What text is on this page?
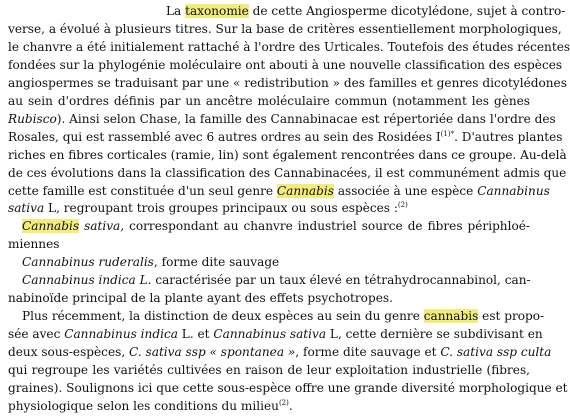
La taxonomie de cette Angiosperme dicotylédone, sujet à contro-
verse, a évolué à plusieurs titres. Sur la base de critères essentiellement morphologiques,
le chanvre a été initialement rattaché à l'ordre des Urticales. Toutefois des études récentes
fondées sur la phylogénie moléculaire ont abouti à une nouvelle classification des espèces
angiospermes se traduisant par une « redistribution » des familles et genres dicotylédones
au sein d'ordres définis par un ancêtre moléculaire commun (notamment les gènes
Rubisco). Ainsi selon Chase, la famille des Cannabinacae est répertoriée dans l'ordre des
Rosales, qui est rassemblé avec 6 autres ordres au sein des Rosidées $I^{(1)*}$. D'autres plantes
riches en fibres corticales (ramie, lin) sont également rencontrées dans ce groupe. Au-delà
de ces évolutions dans la classification des Cannabinacées, il est communément admis que
cette famille est constituée d'un seul genre Cannabis associée à une espèce Cannabinus
sativa L, regroupant trois groupes principaux ou sous espèces :$^{(2)}$
Cannabis sativa, correspondant au chanvre industriel source de fibres périphloé-
miennes
Cannabinus ruderalis, forme dite sauvage
Cannabinus indica L. caractérisée par un taux élevé en tétrahydrocannabinol, can-
nabinoïde principal de la plante ayant des effets psychotropes.
Plus récemment, la distinction de deux espèces au sein du genre cannabis est propo-
sée avec Cannabinus indica L. et Cannabinus sativa L, cette dernière se subdivisant en
deux sous-espèces, C. sativa ssp « spontanea », forme dite sauvage et C. sativa ssp culta
qui regroupe les variétés cultivées en raison de leur exploitation industrielle (fibres,
graines). Soulignons ici que cette sous-espèce offre une grande diversité morphologique et
physiologique selon les conditions du milieu$^{(2)}$.
